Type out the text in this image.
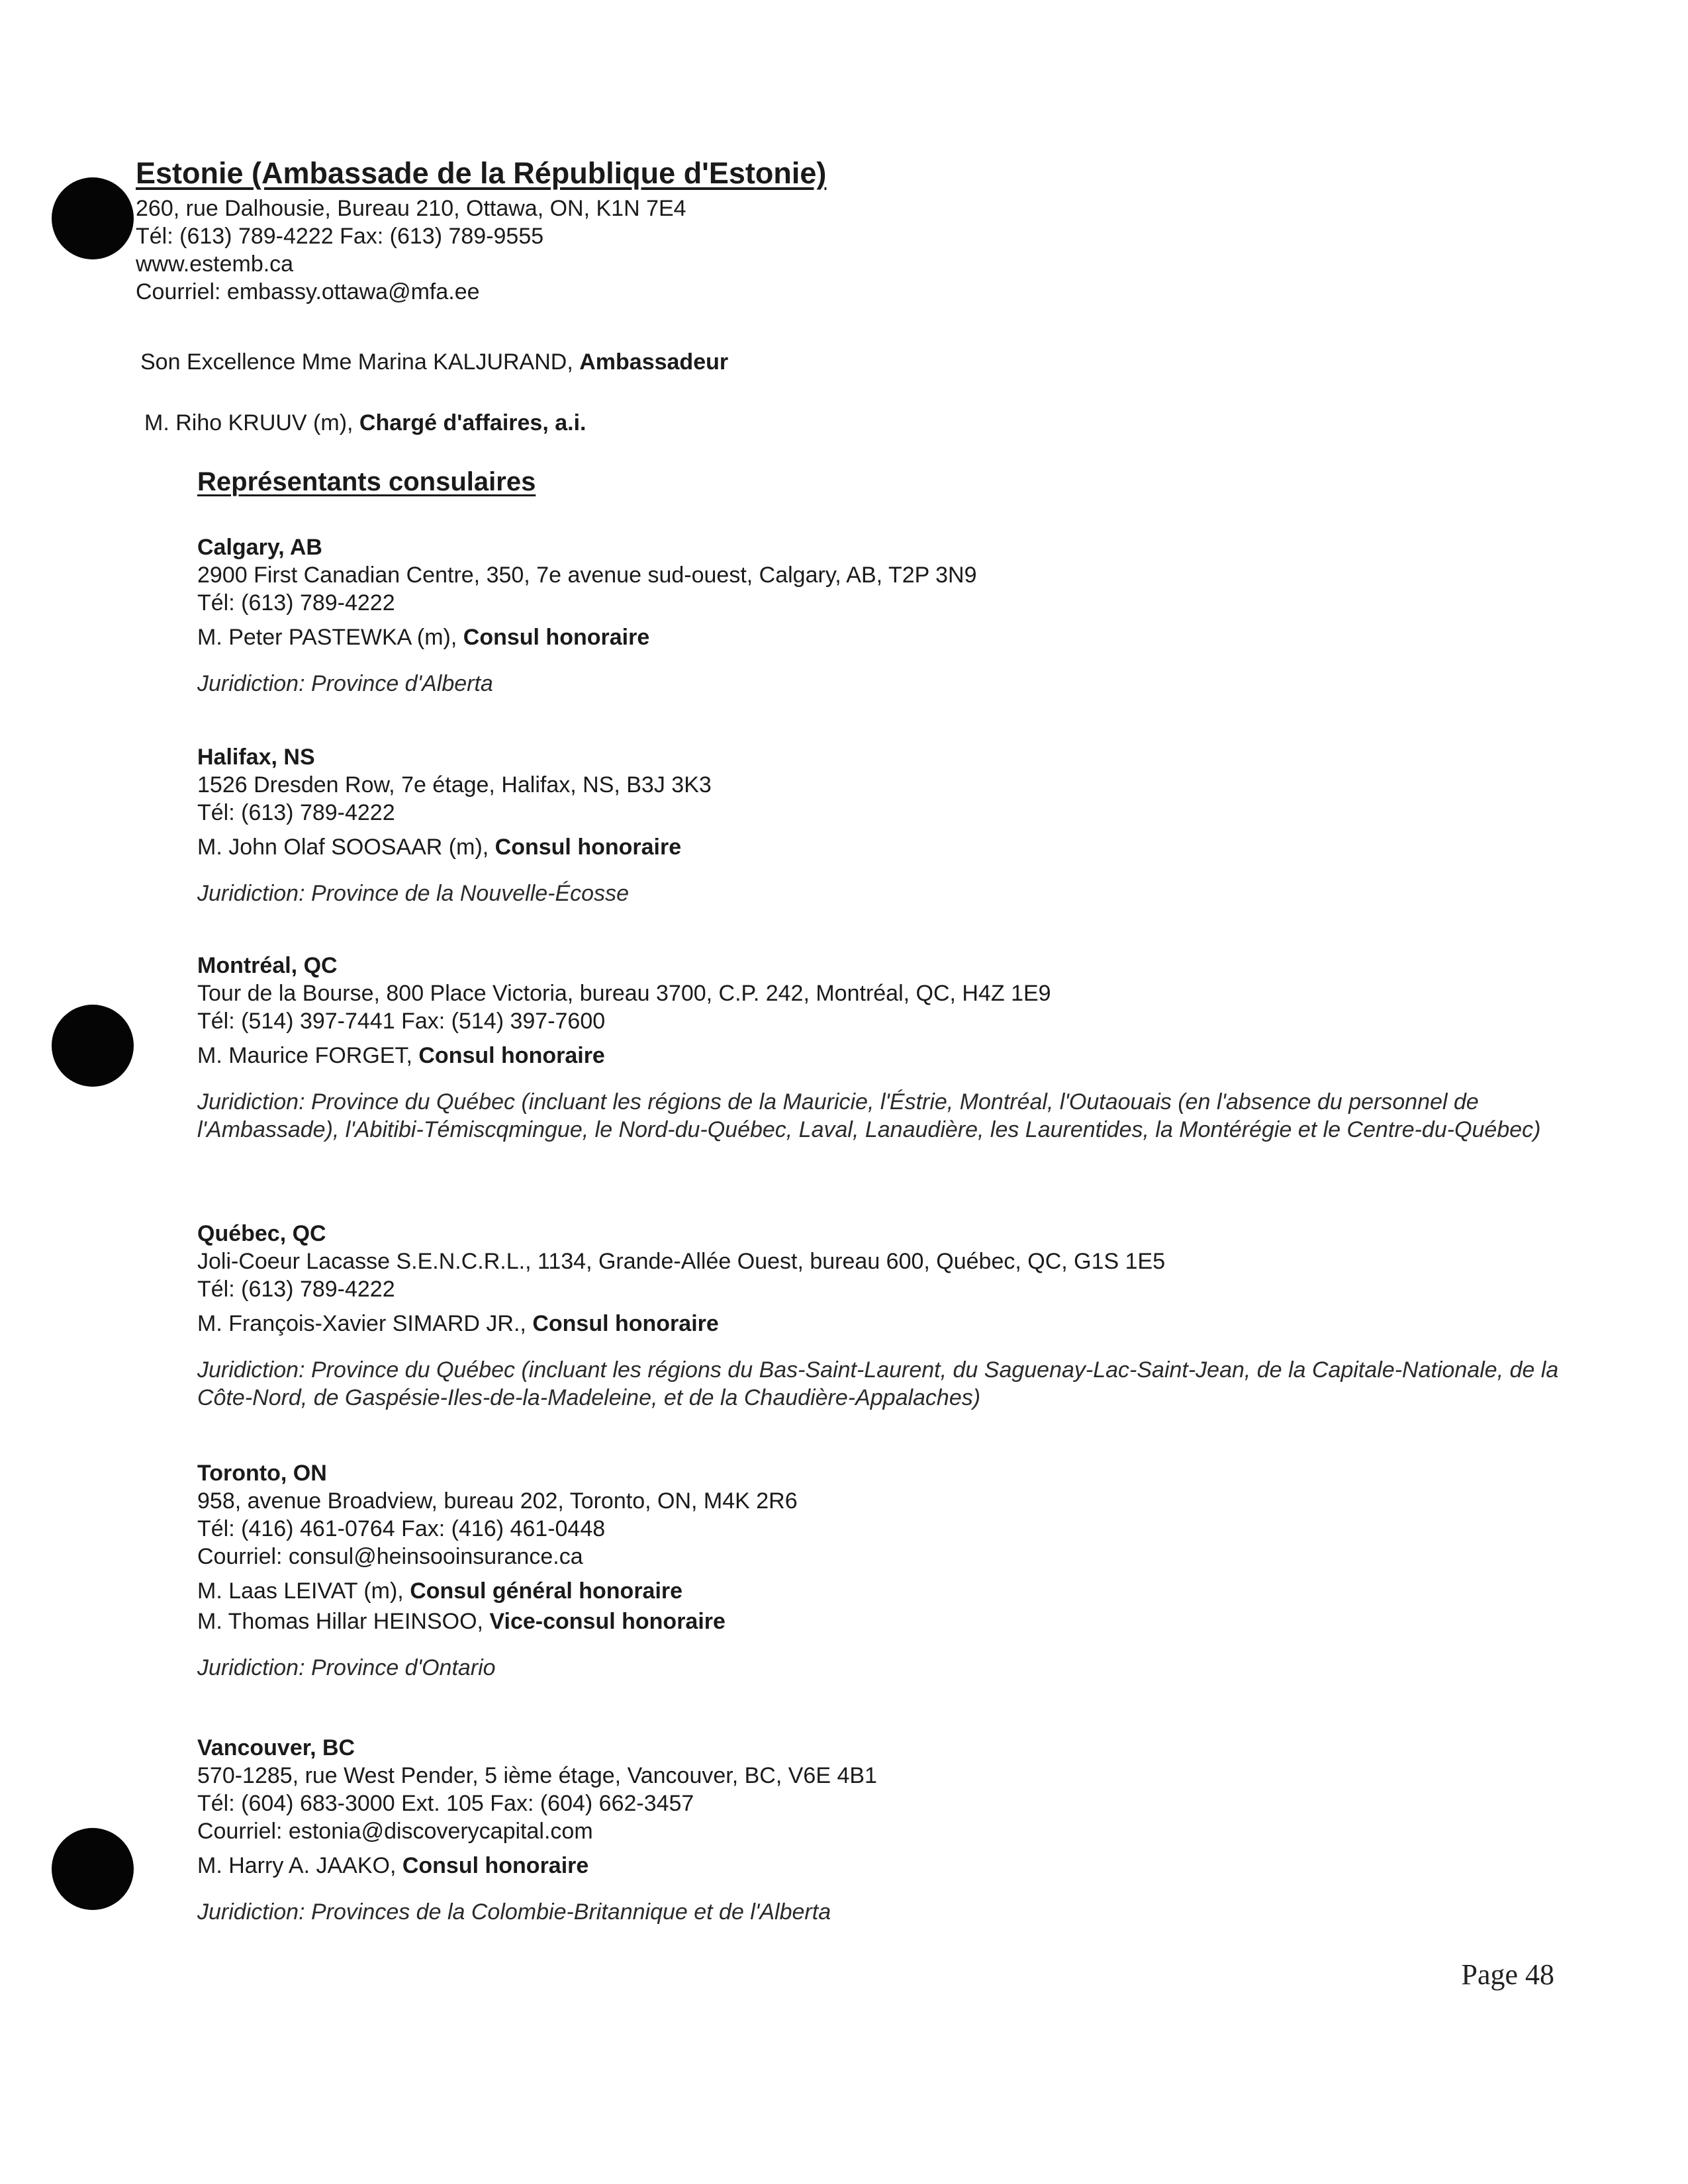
Estonie (Ambassade de la République d'Estonie)
260, rue Dalhousie, Bureau 210, Ottawa, ON, K1N 7E4
Tél: (613) 789-4222 Fax: (613) 789-9555
www.estemb.ca
Courriel: embassy.ottawa@mfa.ee
Son Excellence Mme Marina KALJURAND, Ambassadeur
M. Riho KRUUV (m), Chargé d'affaires, a.i.
Représentants consulaires
Calgary, AB
2900 First Canadian Centre, 350, 7e avenue sud-ouest, Calgary, AB, T2P 3N9
Tél: (613) 789-4222
M. Peter PASTEWKA (m), Consul honoraire
Juridiction: Province d'Alberta
Halifax, NS
1526 Dresden Row, 7e étage, Halifax, NS, B3J 3K3
Tél: (613) 789-4222
M. John Olaf SOOSAAR (m), Consul honoraire
Juridiction: Province de la Nouvelle-Écosse
Montréal, QC
Tour de la Bourse, 800 Place Victoria, bureau 3700, C.P. 242, Montréal, QC, H4Z 1E9
Tél: (514) 397-7441 Fax: (514) 397-7600
M. Maurice FORGET, Consul honoraire
Juridiction: Province du Québec (incluant les régions de la Mauricie, l'Éstrie, Montréal, l'Outaouais (en l'absence du personnel de l'Ambassade), l'Abitibi-Témiscqmingue, le Nord-du-Québec, Laval, Lanaudière, les Laurentides, la Montérégie et le Centre-du-Québec)
Québec, QC
Joli-Coeur Lacasse S.E.N.C.R.L., 1134, Grande-Allée Ouest, bureau 600, Québec, QC, G1S 1E5
Tél: (613) 789-4222
M. François-Xavier SIMARD JR., Consul honoraire
Juridiction: Province du Québec (incluant les régions du Bas-Saint-Laurent, du Saguenay-Lac-Saint-Jean, de la Capitale-Nationale, de la Côte-Nord, de Gaspésie-Iles-de-la-Madeleine, et de la Chaudière-Appalaches)
Toronto, ON
958, avenue Broadview, bureau 202, Toronto, ON, M4K 2R6
Tél: (416) 461-0764 Fax: (416) 461-0448
Courriel: consul@heinsooinsurance.ca
M. Laas LEIVAT (m), Consul général honoraire
M. Thomas Hillar HEINSOO, Vice-consul honoraire
Juridiction: Province d'Ontario
Vancouver, BC
570-1285, rue West Pender, 5 ième étage, Vancouver, BC, V6E 4B1
Tél: (604) 683-3000 Ext. 105 Fax: (604) 662-3457
Courriel: estonia@discoverycapital.com
M. Harry A. JAAKO, Consul honoraire
Juridiction: Provinces de la Colombie-Britannique et de l'Alberta
Page 48
